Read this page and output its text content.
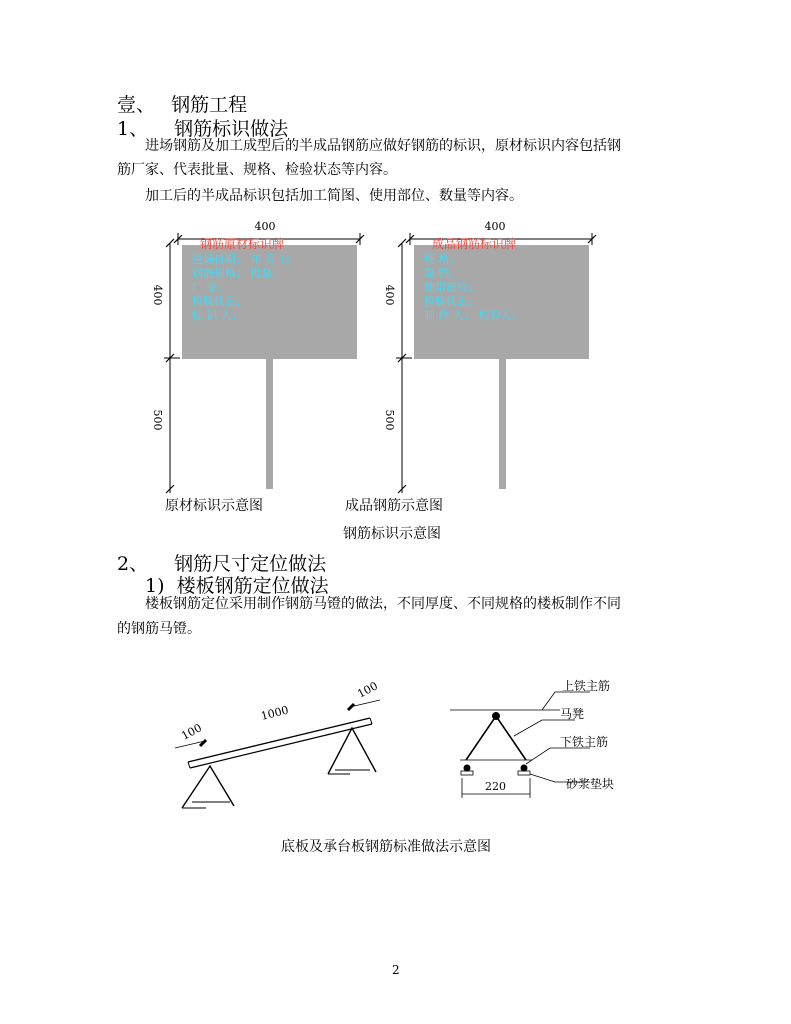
壹、 钢筋工程
1、 钢筋标识做法
进场钢筋及加工成型后的半成品钢筋应做好钢筋的标识，原材标识内容包括钢
筋厂家、代表批量、规格、检验状态等内容。
加工后的半成品标识包括加工简图、使用部位、数量等内容。
400
400
500
钢筋原材标识牌
进场日期： 年 月 日
钢筋规格： 批量：
厂 家：
检验状态：
标 识 人：
400
400
500
成品钢筋标识牌
规 格：
简 图：
使用部位：
检验状态：
制 作 人： 检验人：
原材标识示意图	成品钢筋示意图
钢筋标识示意图
2、 钢筋尺寸定位做法
1) 楼板钢筋定位做法
楼板钢筋定位采用制作钢筋马镫的做法，不同厚度、不同规格的楼板制作不同
的钢筋马镫。
100
1000
100
220
上铁主筋
马凳
下铁主筋
砂浆垫块
底板及承台板钢筋标准做法示意图
2
